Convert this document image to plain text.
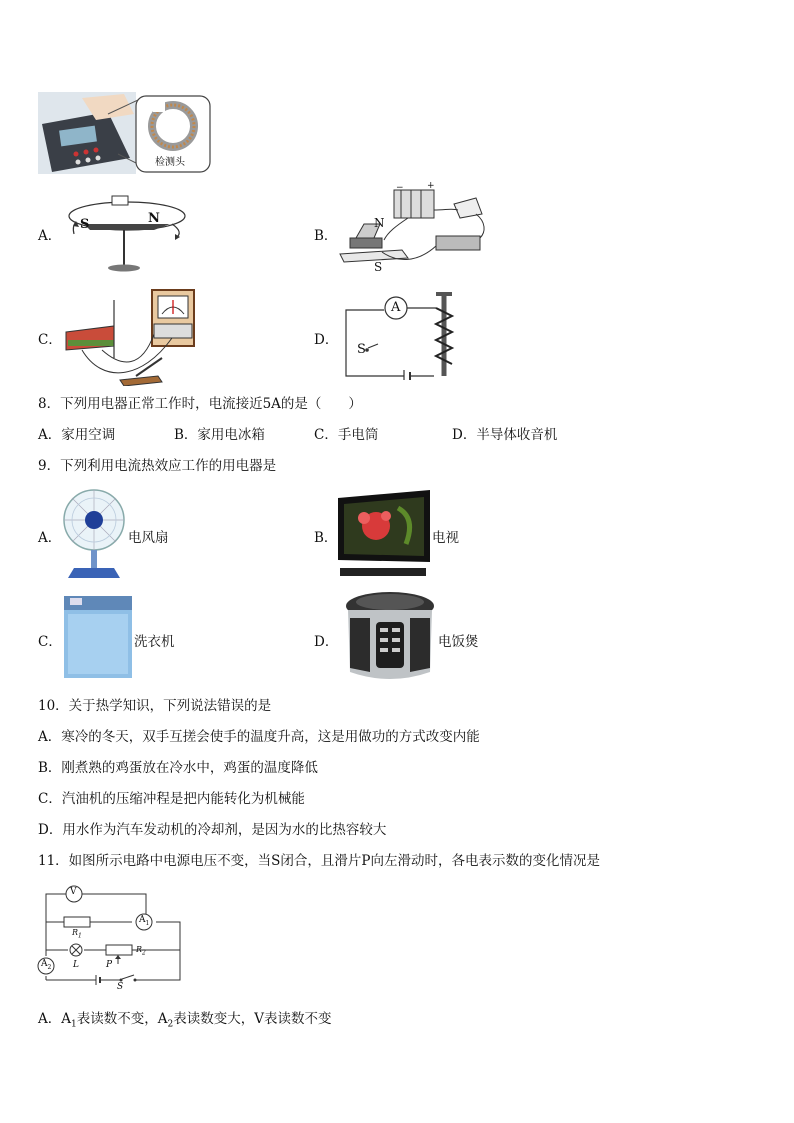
检测头
A．
S	N
B．
N
S
−	+
C．	D．
A
S
8．下列用电器正常工作时，电流接近5A的是（　　）
A．家用空调	B．家用电冰箱	C．手电筒	D．半导体收音机
9．下列利用电流热效应工作的用电器是
A．	电风扇	B．	电视
C．	洗衣机	D．	电饭煲
10．关于热学知识，下列说法错误的是
A．寒冷的冬天，双手互搓会使手的温度升高，这是用做功的方式改变内能
B．刚煮熟的鸡蛋放在冷水中，鸡蛋的温度降低
C．汽油机的压缩冲程是把内能转化为机械能
D．用水作为汽车发动机的冷却剂，是因为水的比热容较大
11．如图所示电路中电源电压不变，当S闭合，且滑片P向左滑动时，各电表示数的变化情况是
V
$A_1$
$A_2$
$R_1$
$R_2$
L	P
S
A．$A_1$表读数不变，$A_2$表读数变大，V表读数不变
